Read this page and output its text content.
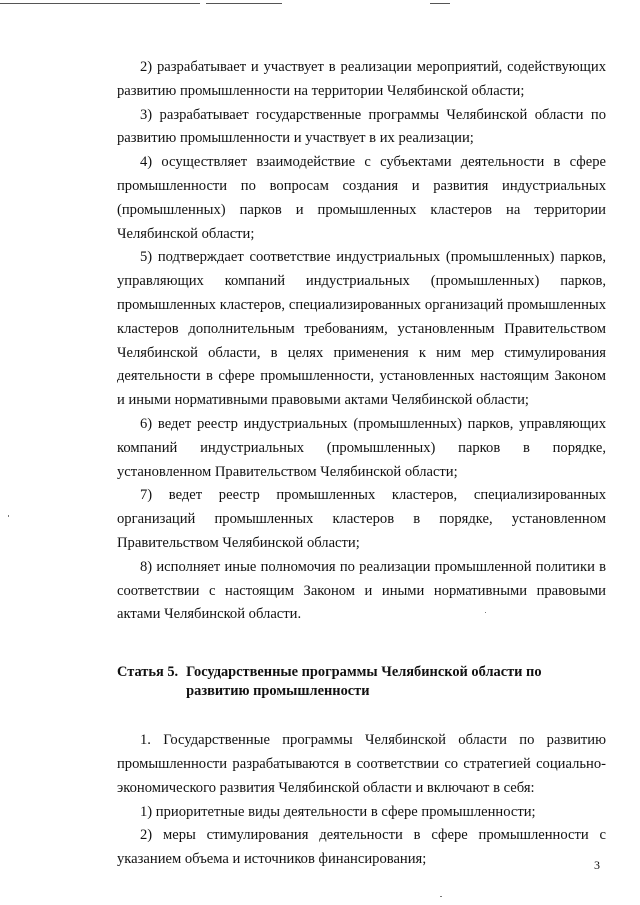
2) разрабатывает и участвует в реализации мероприятий, содействующих развитию промышленности на территории Челябинской области;

3) разрабатывает государственные программы Челябинской области по развитию промышленности и участвует в их реализации;

4) осуществляет взаимодействие с субъектами деятельности в сфере промышленности по вопросам создания и развития индустриальных (промышленных) парков и промышленных кластеров на территории Челябинской области;

5) подтверждает соответствие индустриальных (промышленных) парков, управляющих компаний индустриальных (промышленных) парков, промышленных кластеров, специализированных организаций промышленных кластеров дополнительным требованиям, установленным Правительством Челябинской области, в целях применения к ним мер стимулирования деятельности в сфере промышленности, установленных настоящим Законом и иными нормативными правовыми актами Челябинской области;

6) ведет реестр индустриальных (промышленных) парков, управляющих компаний индустриальных (промышленных) парков в порядке, установленном Правительством Челябинской области;

7) ведет реестр промышленных кластеров, специализированных организаций промышленных кластеров в порядке, установленном Правительством Челябинской области;

8) исполняет иные полномочия по реализации промышленной политики в соответствии с настоящим Законом и иными нормативными правовыми актами Челябинской области.

Статья 5. Государственные программы Челябинской области по развитию промышленности

1. Государственные программы Челябинской области по развитию промышленности разрабатываются в соответствии со стратегией социально-экономического развития Челябинской области и включают в себя:

1) приоритетные виды деятельности в сфере промышленности;

2) меры стимулирования деятельности в сфере промышленности с указанием объема и источников финансирования;	3
